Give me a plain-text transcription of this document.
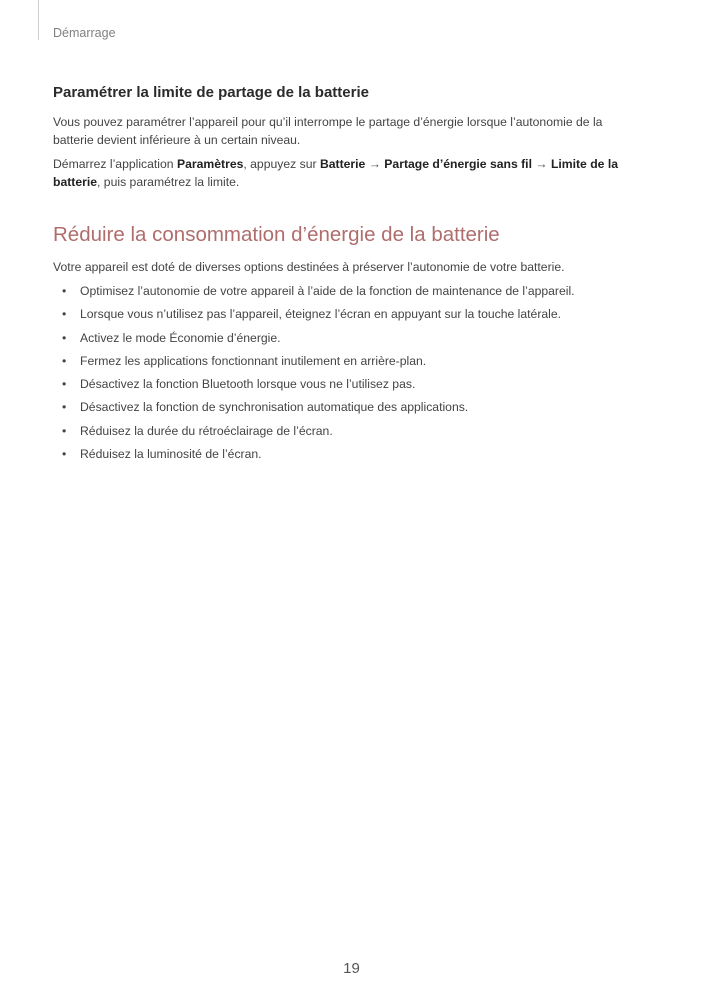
Démarrage
Paramétrer la limite de partage de la batterie

Vous pouvez paramétrer l’appareil pour qu’il interrompe le partage d’énergie lorsque l’autonomie de la batterie devient inférieure à un certain niveau.

Démarrez l’application Paramètres, appuyez sur Batterie → Partage d’énergie sans fil → Limite de la batterie, puis paramétrez la limite.

Réduire la consommation d’énergie de la batterie

Votre appareil est doté de diverses options destinées à préserver l’autonomie de votre batterie.

• Optimisez l’autonomie de votre appareil à l’aide de la fonction de maintenance de l’appareil.
• Lorsque vous n’utilisez pas l’appareil, éteignez l’écran en appuyant sur la touche latérale.
• Activez le mode Économie d’énergie.
• Fermez les applications fonctionnant inutilement en arrière-plan.
• Désactivez la fonction Bluetooth lorsque vous ne l’utilisez pas.
• Désactivez la fonction de synchronisation automatique des applications.
• Réduisez la durée du rétroéclairage de l’écran.
• Réduisez la luminosité de l’écran.
19
